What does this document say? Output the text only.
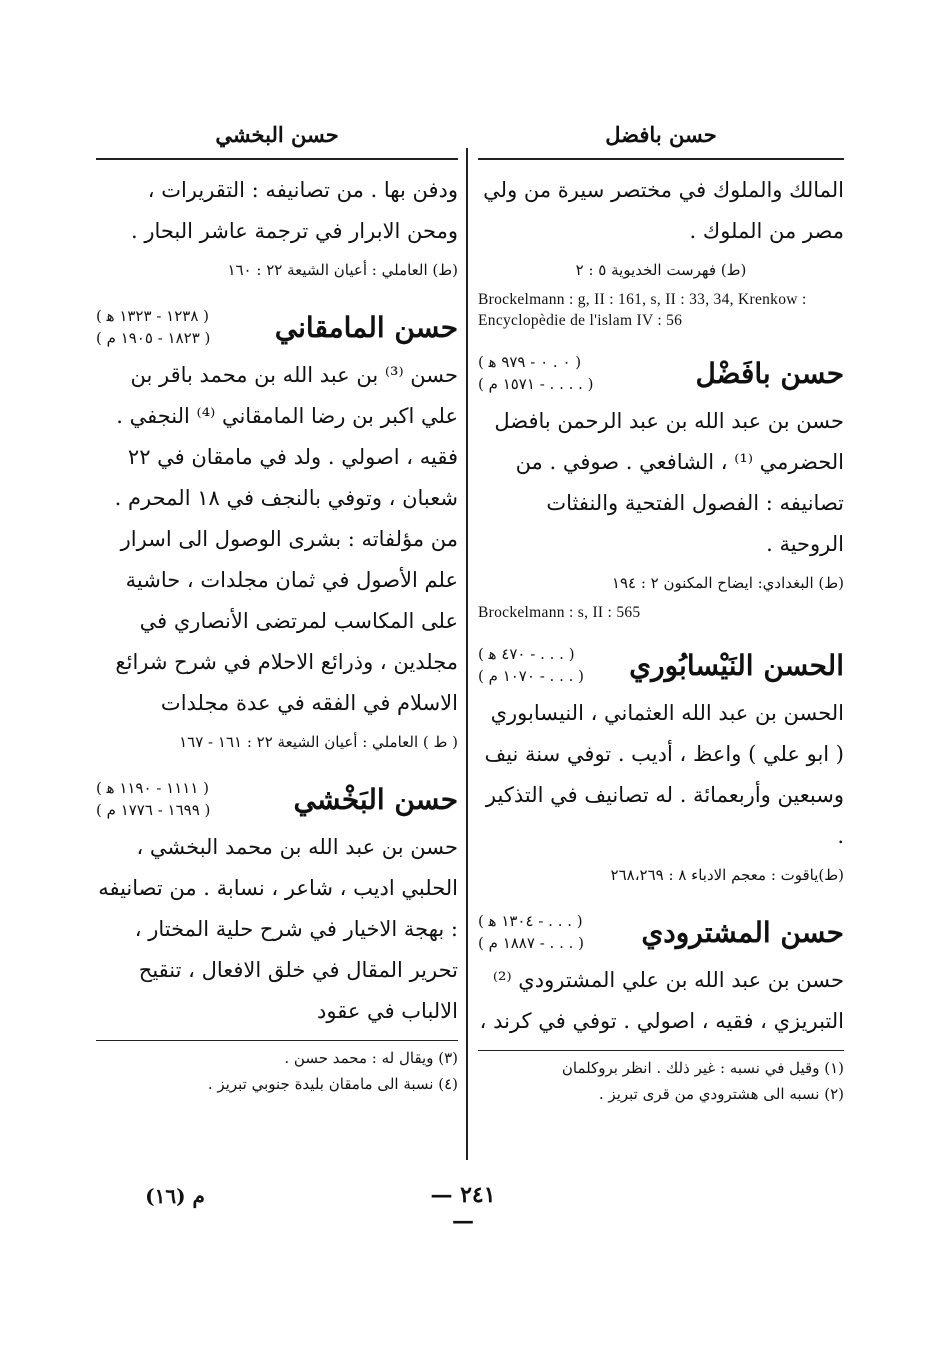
حسن بافضل

المالك والملوك في مختصر سيرة من ولي مصر من الملوك .

(ط) فهرست الخديوية ٥ : ٢

Brockelmann : g, II : 161, s, II : 33, 34, Krenkow : Encyclopèdie de l'islam IV : 56

حسن بافَضْل
( ٠ . ٠ - ٩٧٩ ﻫ )
( . . . . - ١٥٧١ م )

حسن بن عبد الله بن عبد الرحمن بافضل الحضرمي ⁽¹⁾ ، الشافعي . صوفي . من تصانيفه : الفصول الفتحية والنفثات الروحية .

(ط) البغدادي: ايضاح المكنون ٢ : ١٩٤

Brockelmann : s, II : 565

الحسن النَيْسابُوري
( . . . - ٤٧٠ ﻫ )
( . . . - ١٠٧٠ م )

الحسن بن عبد الله العثماني ، النيسابوري ( ابو علي ) واعظ ، أديب . توفي سنة نيف وسبعين وأربعمائة . له تصانيف في التذكير .

(ط)ياقوت : معجم الادباء ٨ : ٢٦٨،٢٦٩

حسن المشترودي
( . . . - ١٣٠٤ ﻫ )
( . . . - ١٨٨٧ م )

حسن بن عبد الله بن علي المشترودي ⁽²⁾ التبريزي ، فقيه ، اصولي . توفي في كرند ،

(١) وقيل في نسبه : غير ذلك . انظر بروكلمان

(٢) نسبه الى هشترودي من قرى تبريز .

حسن البخشي

ودفن بها . من تصانيفه : التقريرات ، ومحن الابرار في ترجمة عاشر البحار .

(ط) العاملي : أعيان الشيعة ٢٢ : ١٦٠

حسن المامقاني
( ١٢٣٨ - ١٣٢٣ ﻫ )
( ١٨٢٣ - ١٩٠٥ م )

حسن ⁽³⁾ بن عبد الله بن محمد باقر بن علي اكبر بن رضا المامقاني ⁽⁴⁾ النجفي . فقيه ، اصولي . ولد في مامقان في ٢٢ شعبان ، وتوفي بالنجف في ١٨ المحرم . من مؤلفاته : بشرى الوصول الى اسرار علم الأصول في ثمان مجلدات ، حاشية على المكاسب لمرتضى الأنصاري في مجلدين ، وذرائع الاحلام في شرح شرائع الاسلام في الفقه في عدة مجلدات

( ط ) العاملي : أعيان الشيعة ٢٢ : ١٦١ - ١٦٧

حسن البَخْشي
( ١١١١ - ١١٩٠ ﻫ )
( ١٦٩٩ - ١٧٧٦ م )

حسن بن عبد الله بن محمد البخشي ، الحلبي اديب ، شاعر ، نسابة . من تصانيفه : بهجة الاخيار في شرح حلية المختار ، تحرير المقال في خلق الافعال ، تنقيح الالباب في عقود

(٣) ويقال له : محمد حسن .

(٤) نسبة الى مامقان بليدة جنوبي تبريز .

— ٢٤١ —
م (١٦)
